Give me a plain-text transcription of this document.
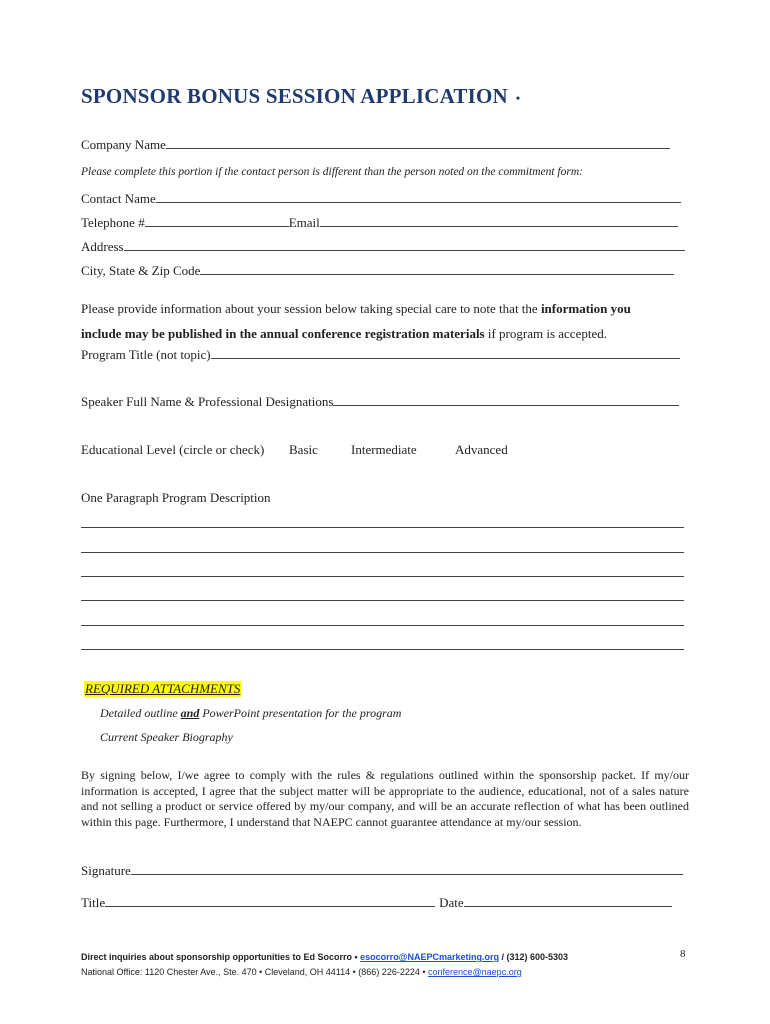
SPONSOR BONUS SESSION APPLICATION •
Company Name
Please complete this portion if the contact person is different than the person noted on the commitment form:
Contact Name
Telephone #	Email
Address
City, State & Zip Code
Please provide information about your session below taking special care to note that the information you
include may be published in the annual conference registration materials if program is accepted.
Program Title (not topic)
Speaker Full Name & Professional Designations
Educational Level (circle or check) Basic	Intermediate	Advanced
One Paragraph Program Description
REQUIRED ATTACHMENTS
Detailed outline and PowerPoint presentation for the program
Current Speaker Biography
By signing below, I/we agree to comply with the rules & regulations outlined within the sponsorship packet. If my/our information is accepted, I agree that the subject matter will be appropriate to the audience, educational, not of a sales nature and not selling a product or service offered by my/our company, and will be an accurate reflection of what has been outlined within this page. Furthermore, I understand that NAEPC cannot guarantee attendance at my/our session.
Signature
Title	Date
Direct inquiries about sponsorship opportunities to Ed Socorro • esocorro@NAEPCmarketing.org / (312) 600-5303
National Office: 1120 Chester Ave., Ste. 470 • Cleveland, OH 44114 • (866) 226-2224 • conference@naepc.org
8
